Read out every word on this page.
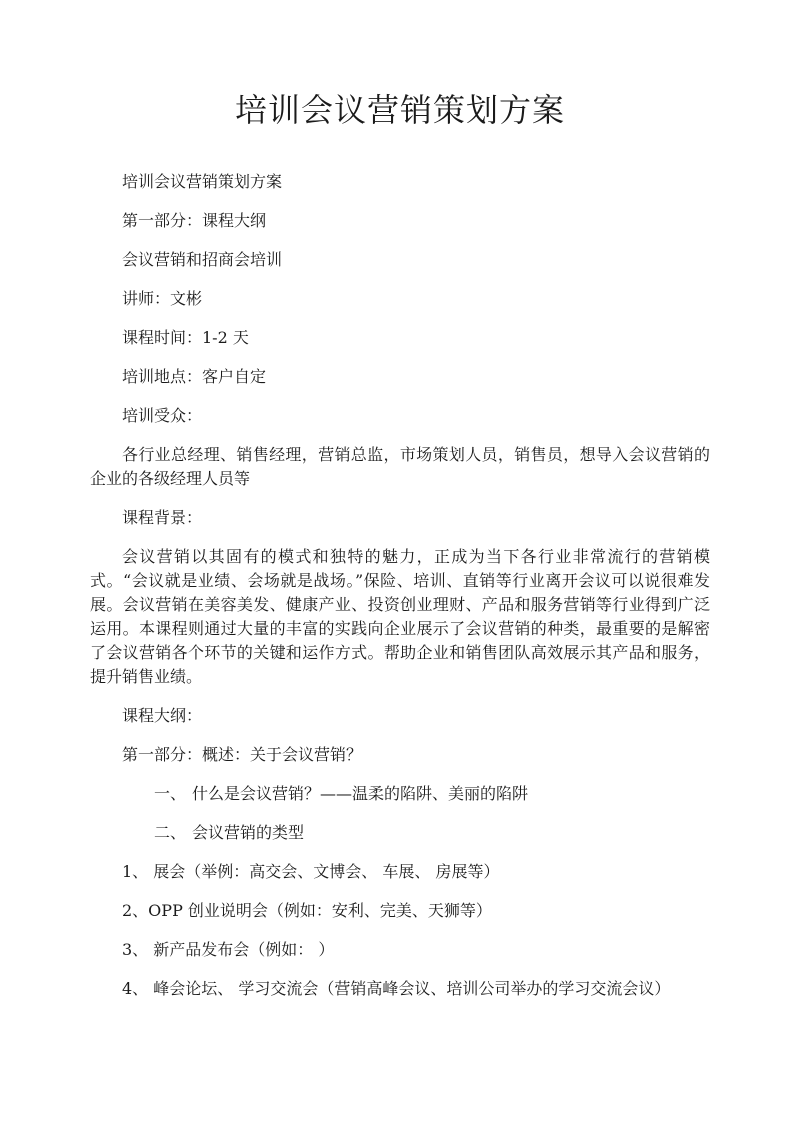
培训会议营销策划方案

培训会议营销策划方案

第一部分：课程大纲

会议营销和招商会培训

讲师：文彬

课程时间：1-2 天

培训地点：客户自定

培训受众：

各行业总经理、销售经理，营销总监，市场策划人员，销售员，想导入会议营销的企业的各级经理人员等

课程背景：

会议营销以其固有的模式和独特的魅力，正成为当下各行业非常流行的营销模式。“会议就是业绩、会场就是战场。”保险、培训、直销等行业离开会议可以说很难发展。会议营销在美容美发、健康产业、投资创业理财、产品和服务营销等行业得到广泛运用。本课程则通过大量的丰富的实践向企业展示了会议营销的种类，最重要的是解密了会议营销各个环节的关键和运作方式。帮助企业和销售团队高效展示其产品和服务，提升销售业绩。

课程大纲：

第一部分：概述：关于会议营销？

一、 什么是会议营销？——温柔的陷阱、美丽的陷阱

二、 会议营销的类型

1、 展会（举例：高交会、文博会、 车展、 房展等）

2、OPP 创业说明会（例如：安利、完美、天狮等）

3、 新产品发布会（例如： ）

4、 峰会论坛、 学习交流会（营销高峰会议、培训公司举办的学习交流会议）
